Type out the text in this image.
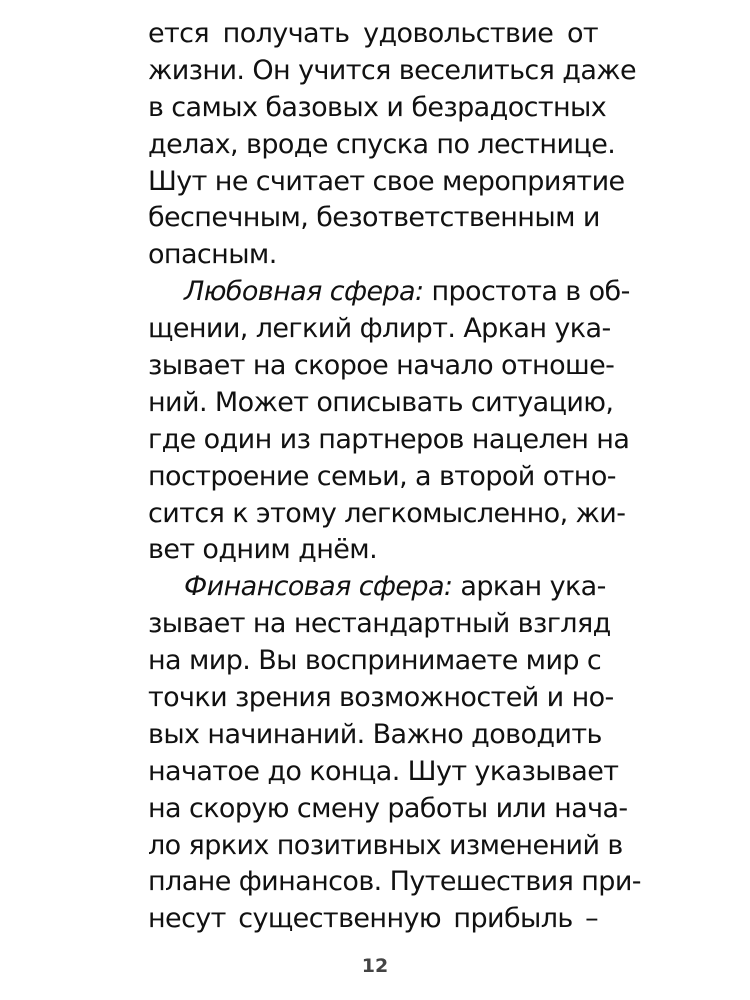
ется получать удовольствие от
жизни. Он учится веселиться даже
в самых базовых и безрадостных
делах, вроде спуска по лестнице.
Шут не считает свое мероприятие
беспечным, безответственным и
опасным.
Любовная сфера: простота в об-
щении, легкий флирт. Аркан ука-
зывает на скорое начало отноше-
ний. Может описывать ситуацию,
где один из партнеров нацелен на
построение семьи, а второй отно-
сится к этому легкомысленно, жи-
вет одним днём.
Финансовая сфера: аркан ука-
зывает на нестандартный взгляд
на мир. Вы воспринимаете мир с
точки зрения возможностей и но-
вых начинаний. Важно доводить
начатое до конца. Шут указывает
на скорую смену работы или нача-
ло ярких позитивных изменений в
плане финансов. Путешествия при-
несут существенную прибыль –
12
